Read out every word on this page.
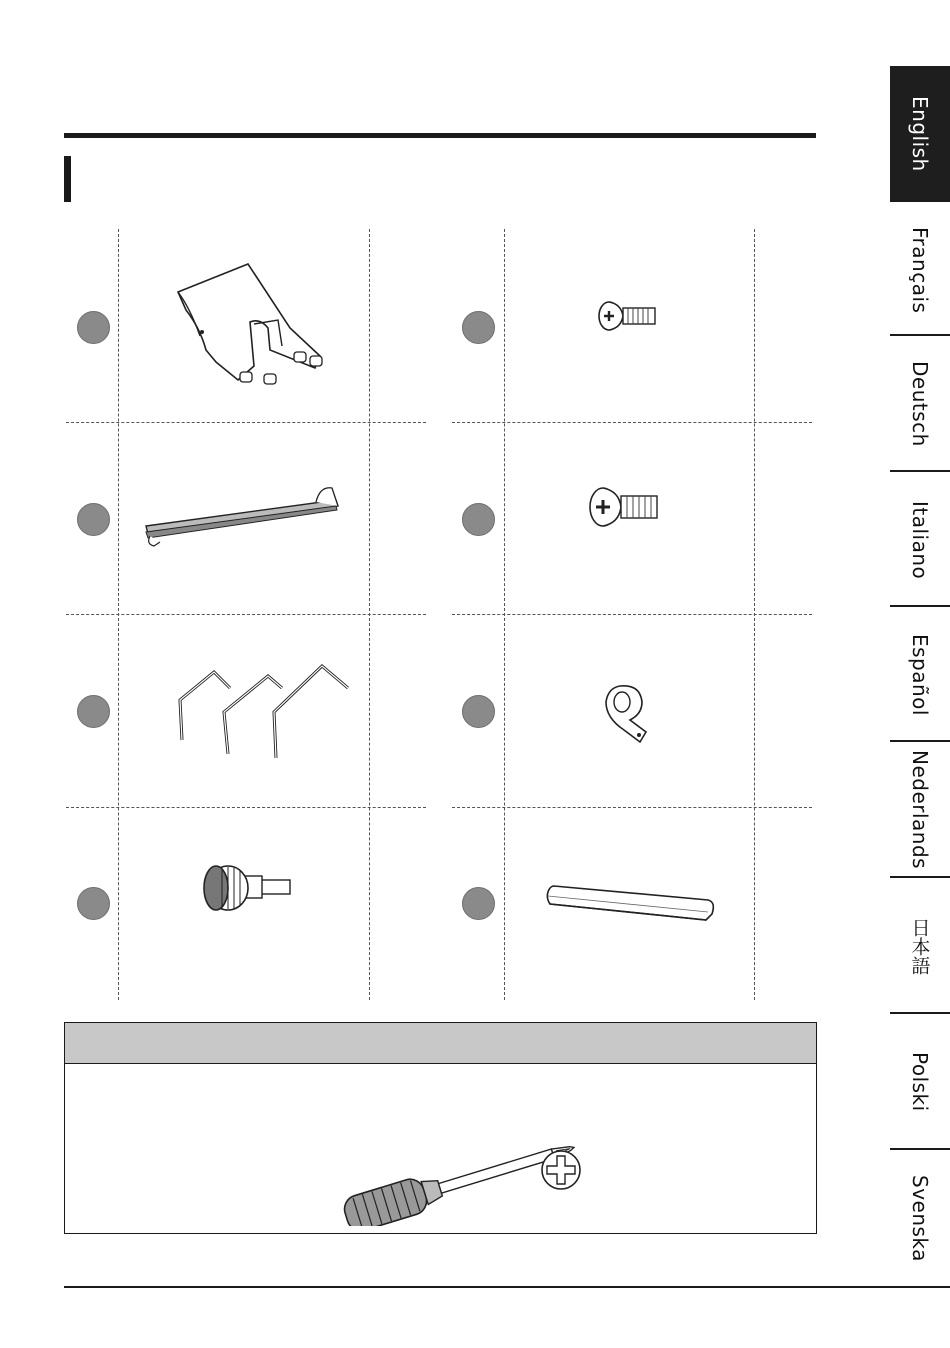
English
Français
Deutsch
Italiano
Español
Nederlands
日本語
Polski
Svenska
